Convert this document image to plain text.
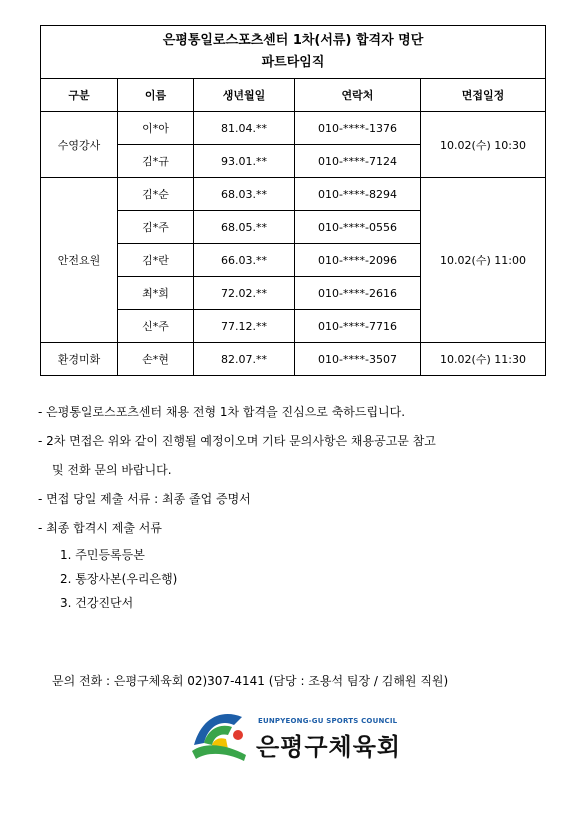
은평통일로스포츠센터 1차(서류) 합격자 명단
파트타임직				

구분	이름	생년월일	연락처	면접일정
수영강사	이*아	81.04.**	010-****-1376	10.02(수) 10:30
	김*규	93.01.**	010-****-7124	
안전요원	김*순	68.03.**	010-****-8294	10.02(수) 11:00
	김*주	68.05.**	010-****-0556	
	김*란	66.03.**	010-****-2096	
	최*희	72.02.**	010-****-2616	
	신*주	77.12.**	010-****-7716	
환경미화	손*현	82.07.**	010-****-3507	10.02(수) 11:30
- 은평통일로스포츠센터 채용 전형 1차 합격을 진심으로 축하드립니다.
- 2차 면접은 위와 같이 진행될 예정이오며 기타 문의사항은 채용공고문 참고
및 전화 문의 바랍니다.
- 면접 당일 제출 서류 : 최종 졸업 증명서
- 최종 합격시 제출 서류
1. 주민등록등본
2. 통장사본(우리은행)
3. 건강진단서
문의 전화 : 은평구체육회 02)307-4141 (담당 : 조용석 팀장 / 김해원 직원)
EUNPYEONG-GU SPORTS COUNCIL
은평구체육회
